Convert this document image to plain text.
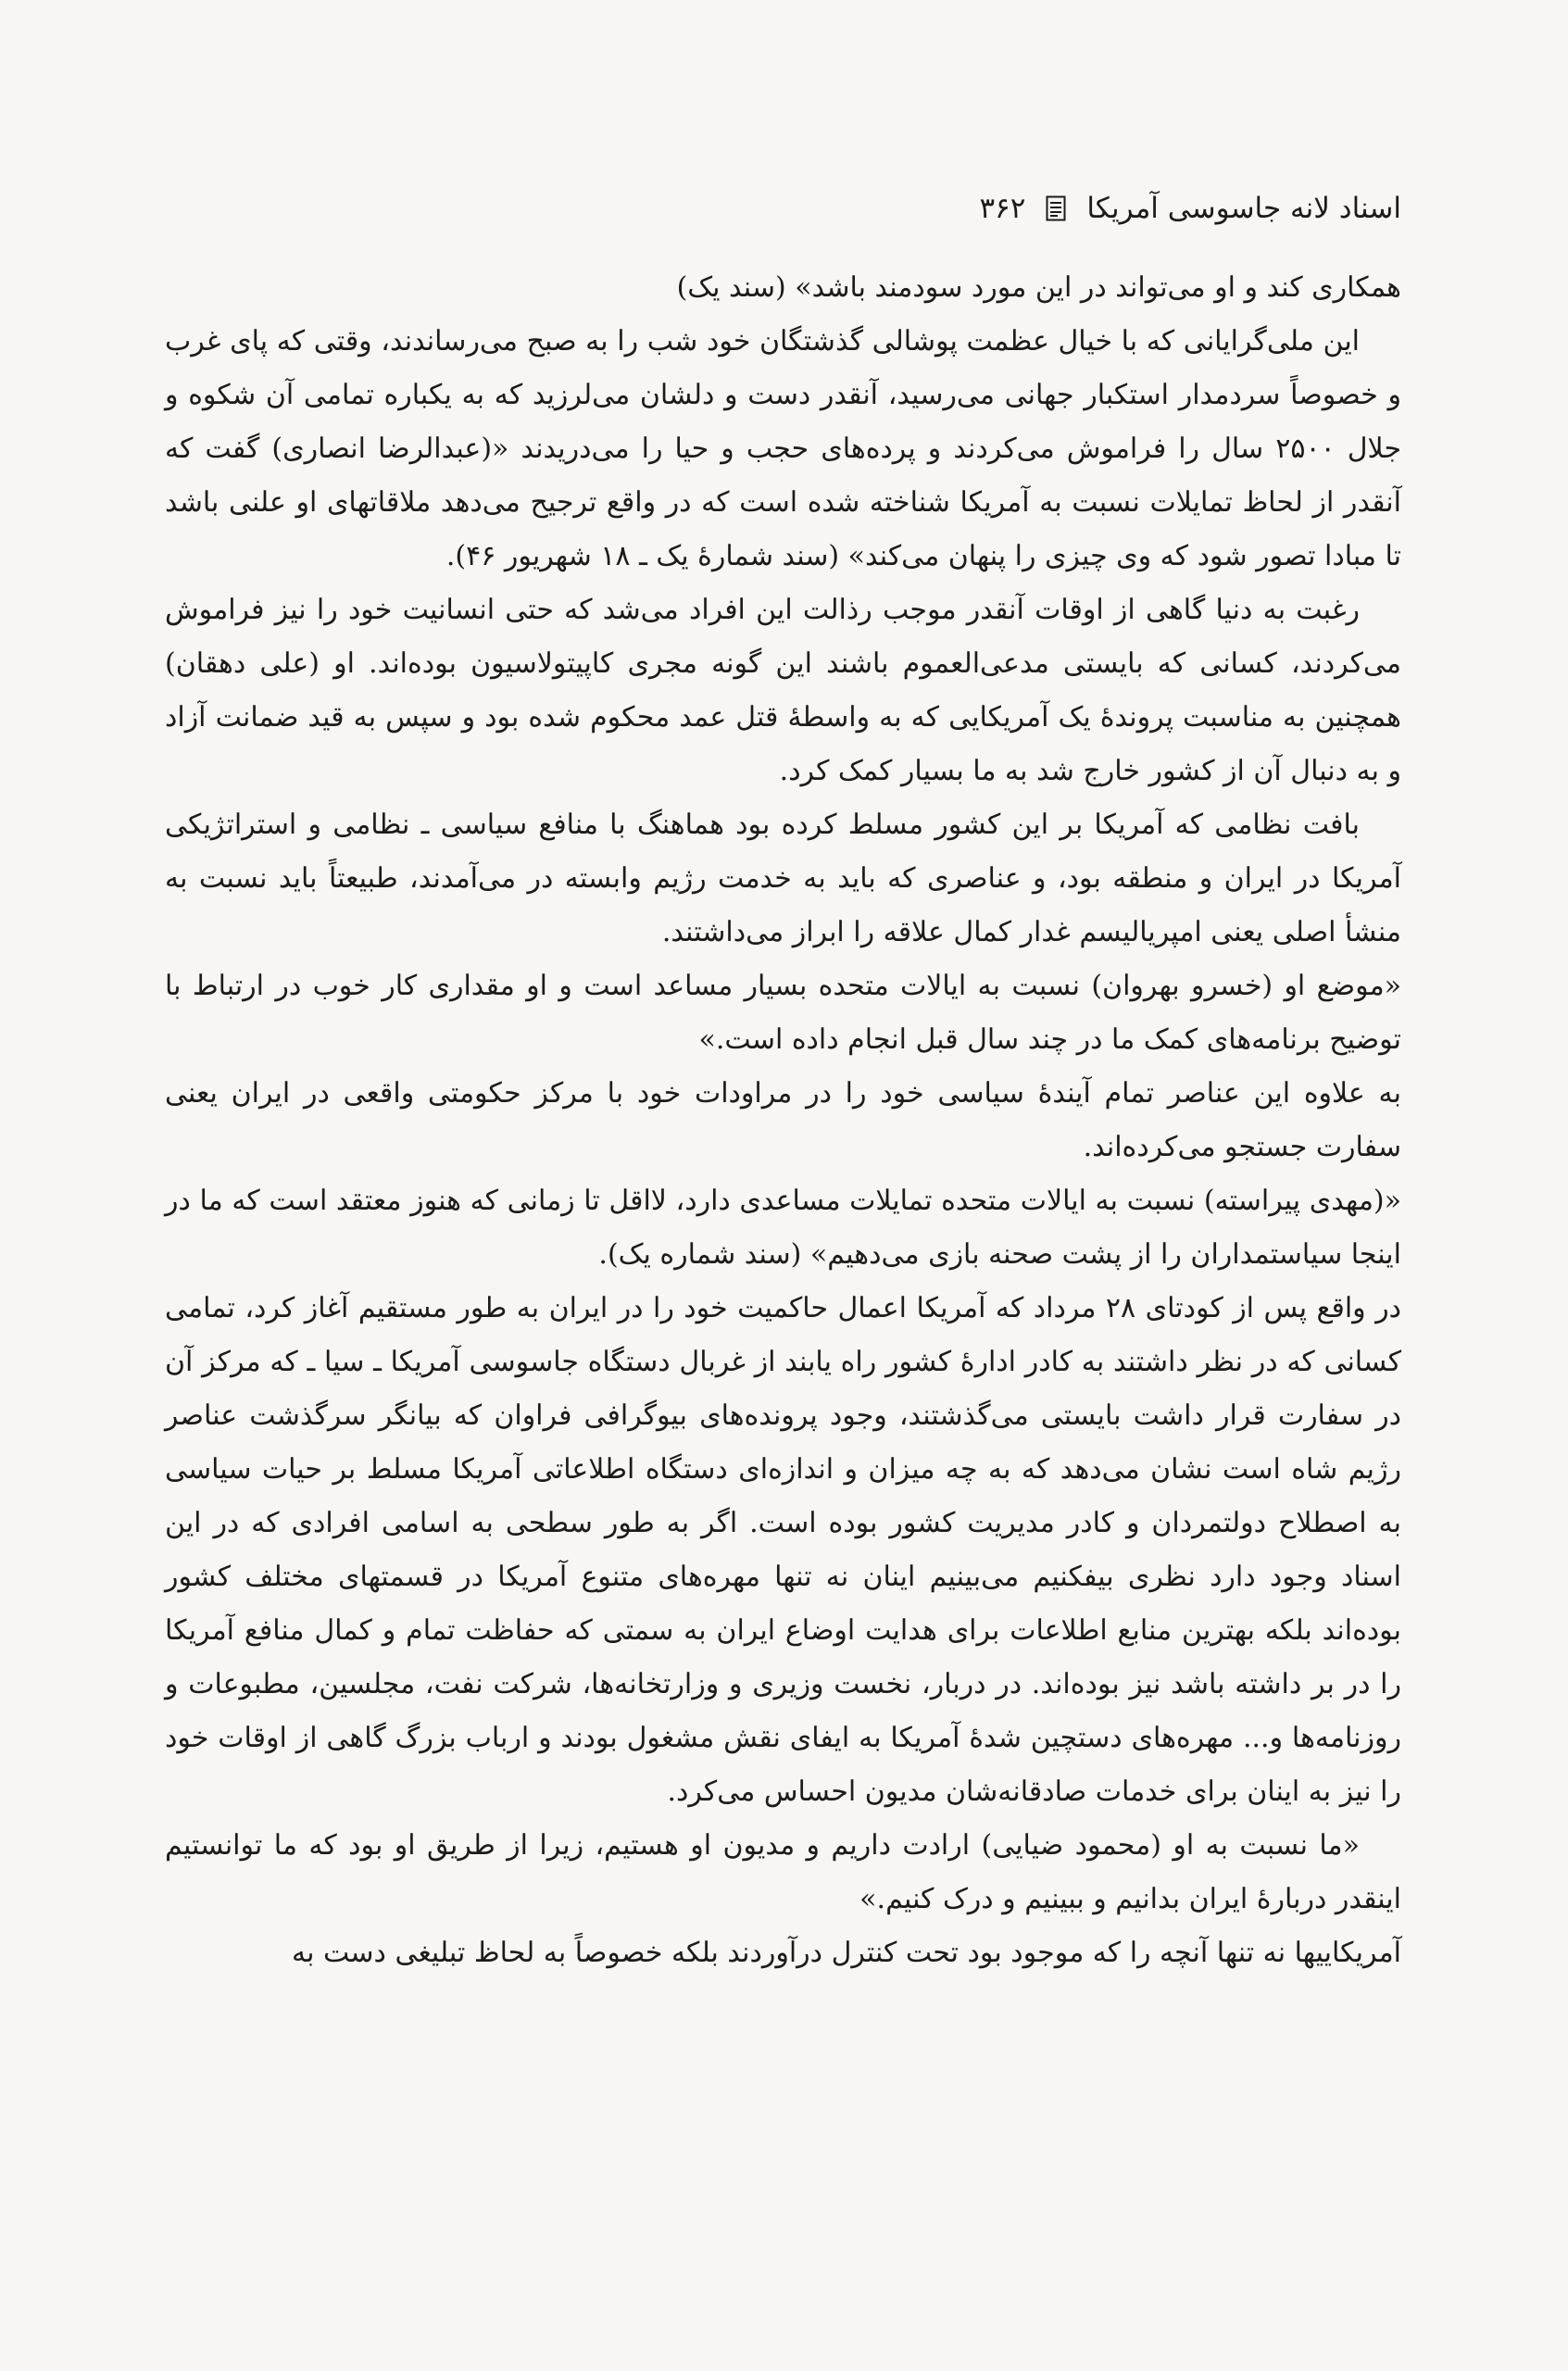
اسناد لانه جاسوسی آمریکا
۳۶۲

همکاری کند و او می‌تواند در این مورد سودمند باشد» (سند یک)

این ملی‌گرایانی که با خیال عظمت پوشالی گذشتگان خود شب را به صبح می‌رساندند، وقتی که پای غرب و خصوصاً سردمدار استکبار جهانی می‌رسید، آنقدر دست و دلشان می‌لرزید که به یکباره تمامی آن شکوه و جلال ۲۵۰۰ سال را فراموش می‌کردند و پرده‌های حجب و حیا را می‌دریدند «(عبدالرضا انصاری) گفت که آنقدر از لحاظ تمایلات نسبت به آمریکا شناخته شده است که در واقع ترجیح می‌دهد ملاقاتهای او علنی باشد تا مبادا تصور شود که وی چیزی را پنهان می‌کند» (سند شمارهٔ یک ـ ۱۸ شهریور ۴۶).

رغبت به دنیا گاهی از اوقات آنقدر موجب رذالت این افراد می‌شد که حتی انسانیت خود را نیز فراموش می‌کردند، کسانی که بایستی مدعی‌العموم باشند این گونه مجری کاپیتولاسیون بوده‌اند. او (علی دهقان) همچنین به مناسبت پروندهٔ یک آمریکایی که به واسطهٔ قتل عمد محکوم شده بود و سپس به قید ضمانت آزاد و به دنبال آن از کشور خارج شد به ما بسیار کمک کرد.

بافت نظامی که آمریکا بر این کشور مسلط کرده بود هماهنگ با منافع سیاسی ـ نظامی و استراتژیکی آمریکا در ایران و منطقه بود، و عناصری که باید به خدمت رژیم وابسته در می‌آمدند، طبیعتاً باید نسبت به منشأ اصلی یعنی امپریالیسم غدار کمال علاقه را ابراز می‌داشتند.

«موضع او (خسرو بهروان) نسبت به ایالات متحده بسیار مساعد است و او مقداری کار خوب در ارتباط با توضیح برنامه‌های کمک ما در چند سال قبل انجام داده است.»

به علاوه این عناصر تمام آیندهٔ سیاسی خود را در مراودات خود با مرکز حکومتی واقعی در ایران یعنی سفارت جستجو می‌کرده‌اند.

«(مهدی پیراسته) نسبت به ایالات متحده تمایلات مساعدی دارد، لااقل تا زمانی که هنوز معتقد است که ما در اینجا سیاستمداران را از پشت صحنه بازی می‌دهیم» (سند شماره یک).

در واقع پس از کودتای ۲۸ مرداد که آمریکا اعمال حاکمیت خود را در ایران به طور مستقیم آغاز کرد، تمامی کسانی که در نظر داشتند به کادر ادارهٔ کشور راه یابند از غربال دستگاه جاسوسی آمریکا ـ سیا ـ که مرکز آن در سفارت قرار داشت بایستی می‌گذشتند، وجود پرونده‌های بیوگرافی فراوان که بیانگر سرگذشت عناصر رژیم شاه است نشان می‌دهد که به چه میزان و اندازه‌ای دستگاه اطلاعاتی آمریکا مسلط بر حیات سیاسی به اصطلاح دولتمردان و کادر مدیریت کشور بوده است. اگر به طور سطحی به اسامی افرادی که در این اسناد وجود دارد نظری بیفکنیم می‌بینیم اینان نه تنها مهره‌های متنوع آمریکا در قسمتهای مختلف کشور بوده‌اند بلکه بهترین منابع اطلاعات برای هدایت اوضاع ایران به سمتی که حفاظت تمام و کمال منافع آمریکا را در بر داشته باشد نیز بوده‌اند. در دربار، نخست وزیری و وزارتخانه‌ها، شرکت نفت، مجلسین، مطبوعات و روزنامه‌ها و... مهره‌های دستچین شدهٔ آمریکا به ایفای نقش مشغول بودند و ارباب بزرگ گاهی از اوقات خود را نیز به اینان برای خدمات صادقانه‌شان مدیون احساس می‌کرد.

«ما نسبت به او (محمود ضیایی) ارادت داریم و مدیون او هستیم، زیرا از طریق او بود که ما توانستیم اینقدر دربارهٔ ایران بدانیم و ببینیم و درک کنیم.»

آمریکاییها نه تنها آنچه را که موجود بود تحت کنترل درآوردند بلکه خصوصاً به لحاظ تبلیغی دست به
